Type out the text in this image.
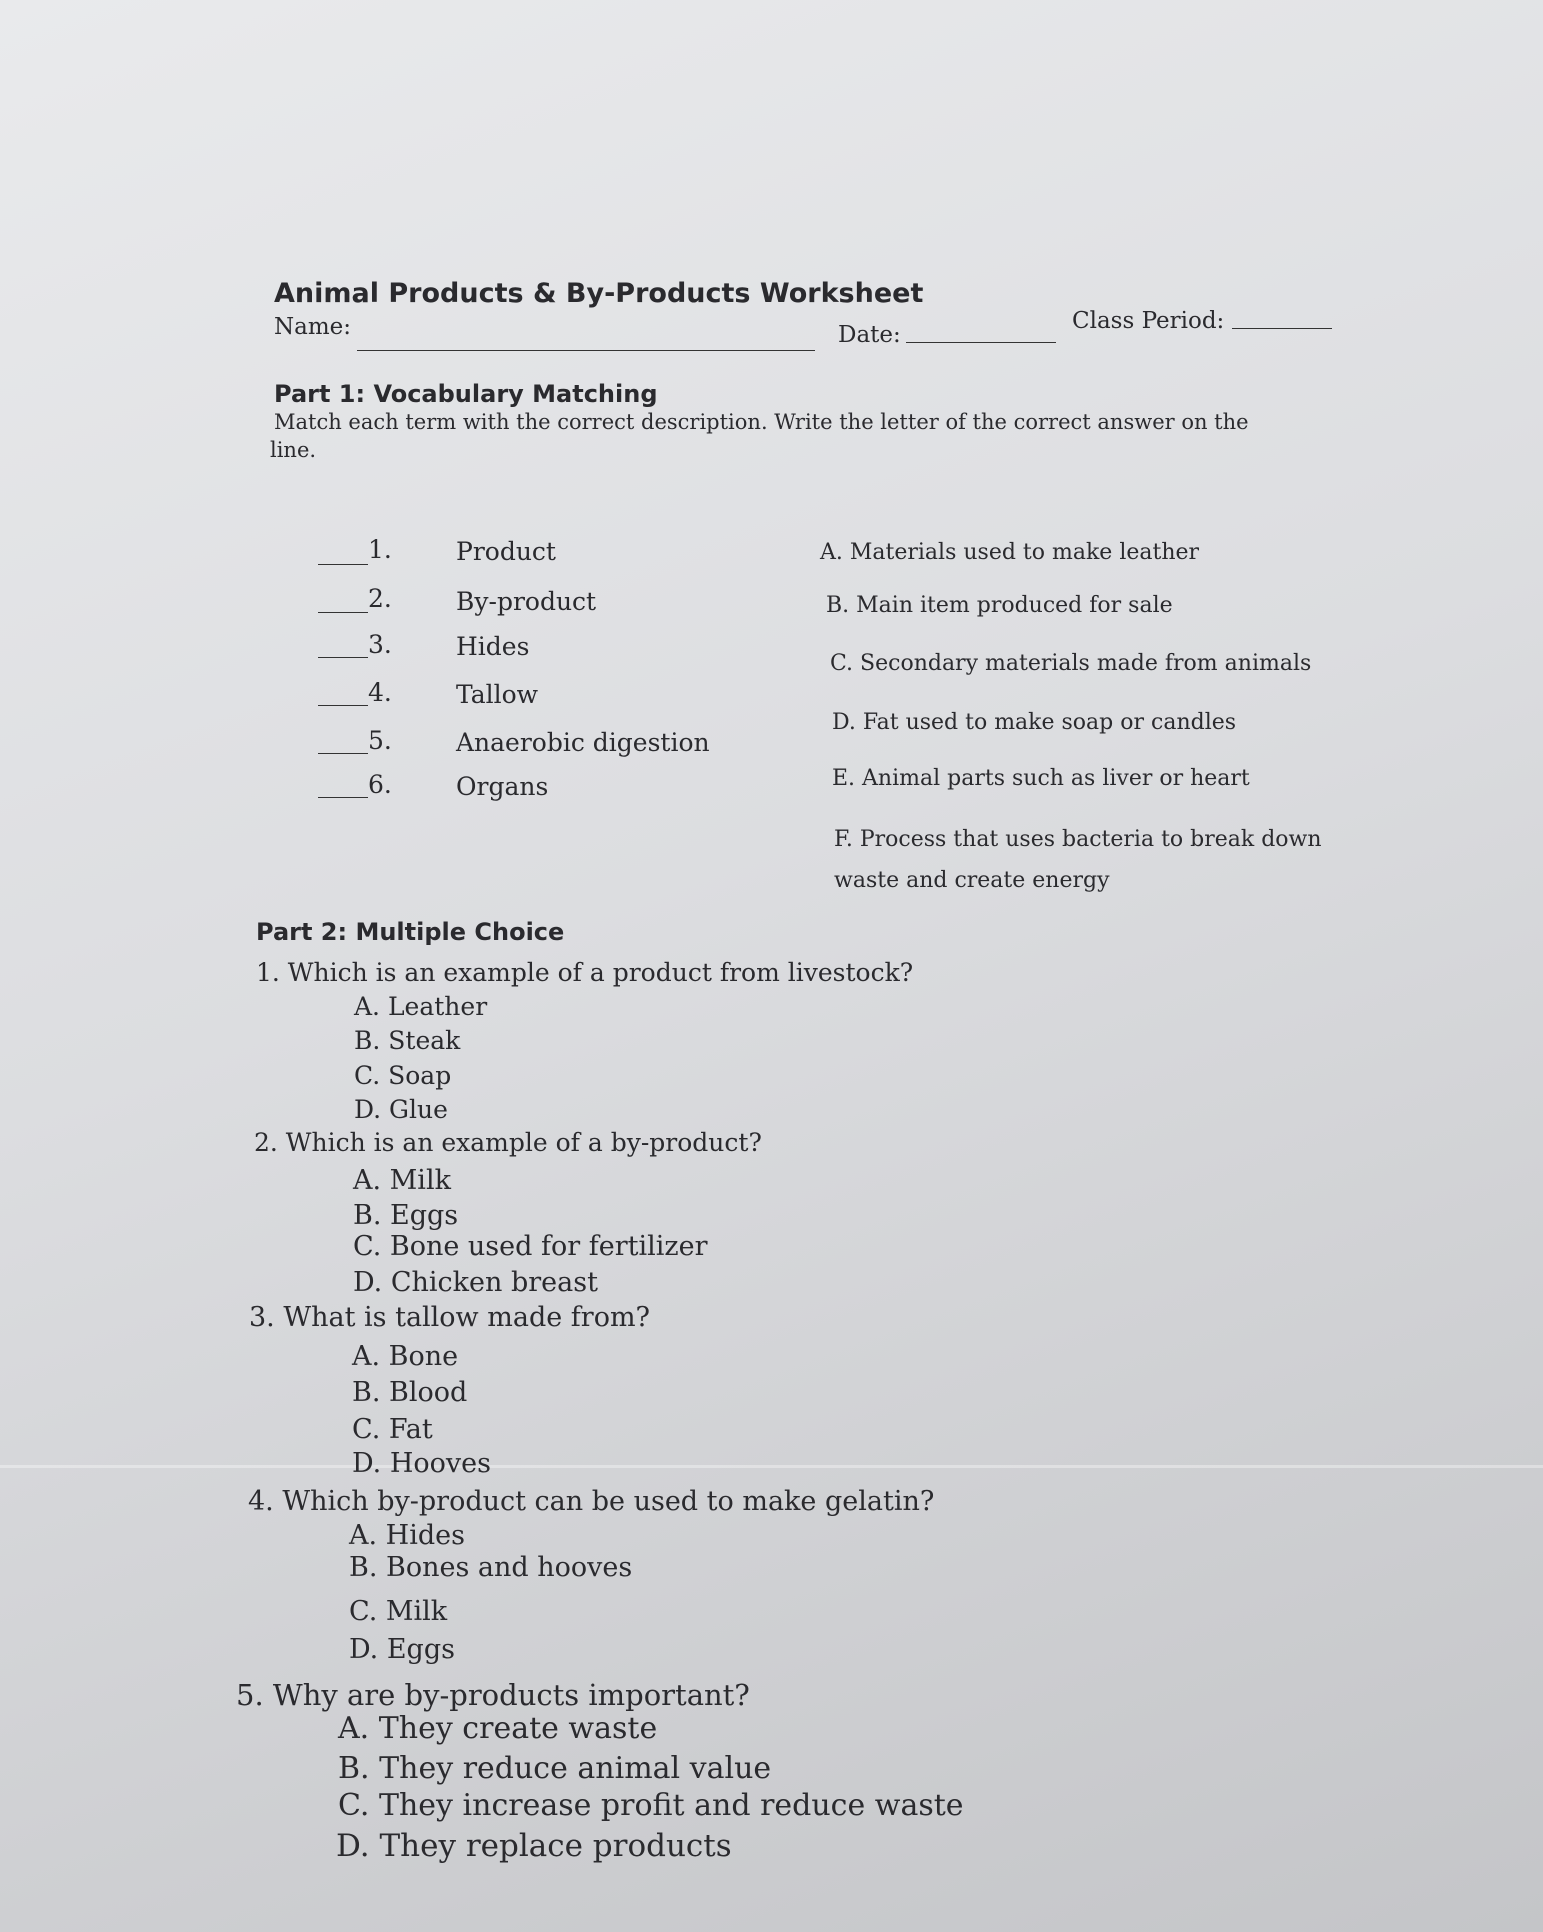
Animal Products & By-Products Worksheet
Name:	Date:
Class Period:
Part 1: Vocabulary Matching
Match each term with the correct description. Write the letter of the correct answer on the
line.
1.	Product
2.	By-product
3.	Hides
4.	Tallow
5.	Anaerobic digestion
6.	Organs
A. Materials used to make leather
B. Main item produced for sale
C. Secondary materials made from animals
D. Fat used to make soap or candles
E. Animal parts such as liver or heart
F. Process that uses bacteria to break down
waste and create energy
Part 2: Multiple Choice
1. Which is an example of a product from livestock?
A. Leather
B. Steak
C. Soap
D. Glue
2. Which is an example of a by-product?
A. Milk
B. Eggs
C. Bone used for fertilizer
D. Chicken breast
3. What is tallow made from?
A. Bone
B. Blood
C. Fat
D. Hooves
4. Which by-product can be used to make gelatin?
A. Hides
B. Bones and hooves
C. Milk
D. Eggs
5. Why are by-products important?
A. They create waste
B. They reduce animal value
C. They increase profit and reduce waste
D. They replace products
